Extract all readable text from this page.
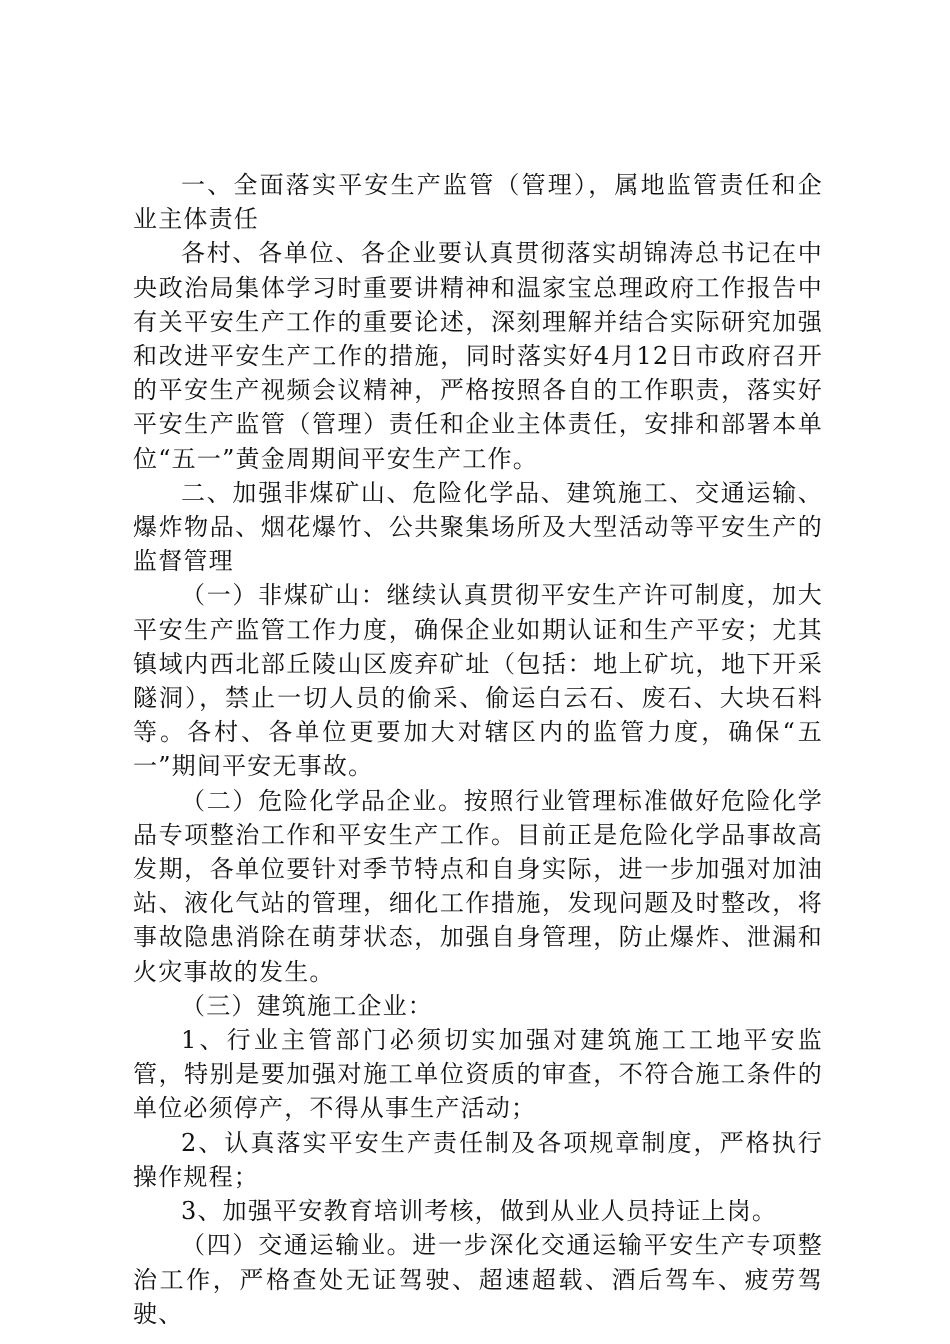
一、全面落实平安生产监管（管理），属地监管责任和企业主体责任

各村、各单位、各企业要认真贯彻落实胡锦涛总书记在中央政治局集体学习时重要讲精神和温家宝总理政府工作报告中有关平安生产工作的重要论述，深刻理解并结合实际研究加强和改进平安生产工作的措施，同时落实好4月12日市政府召开的平安生产视频会议精神，严格按照各自的工作职责，落实好平安生产监管（管理）责任和企业主体责任，安排和部署本单位“五一”黄金周期间平安生产工作。

二、加强非煤矿山、危险化学品、建筑施工、交通运输、爆炸物品、烟花爆竹、公共聚集场所及大型活动等平安生产的监督管理

（一）非煤矿山：继续认真贯彻平安生产许可制度，加大平安生产监管工作力度，确保企业如期认证和生产平安；尤其镇域内西北部丘陵山区废弃矿址（包括：地上矿坑，地下开采隧洞），禁止一切人员的偷采、偷运白云石、废石、大块石料等。各村、各单位更要加大对辖区内的监管力度，确保“五一”期间平安无事故。

（二）危险化学品企业。按照行业管理标准做好危险化学品专项整治工作和平安生产工作。目前正是危险化学品事故高发期，各单位要针对季节特点和自身实际，进一步加强对加油站、液化气站的管理，细化工作措施，发现问题及时整改，将事故隐患消除在萌芽状态，加强自身管理，防止爆炸、泄漏和火灾事故的发生。

（三）建筑施工企业：

1、行业主管部门必须切实加强对建筑施工工地平安监管，特别是要加强对施工单位资质的审查，不符合施工条件的单位必须停产，不得从事生产活动；

2、认真落实平安生产责任制及各项规章制度，严格执行操作规程；

3、加强平安教育培训考核，做到从业人员持证上岗。

（四）交通运输业。进一步深化交通运输平安生产专项整治工作，严格查处无证驾驶、超速超载、酒后驾车、疲劳驾驶、
